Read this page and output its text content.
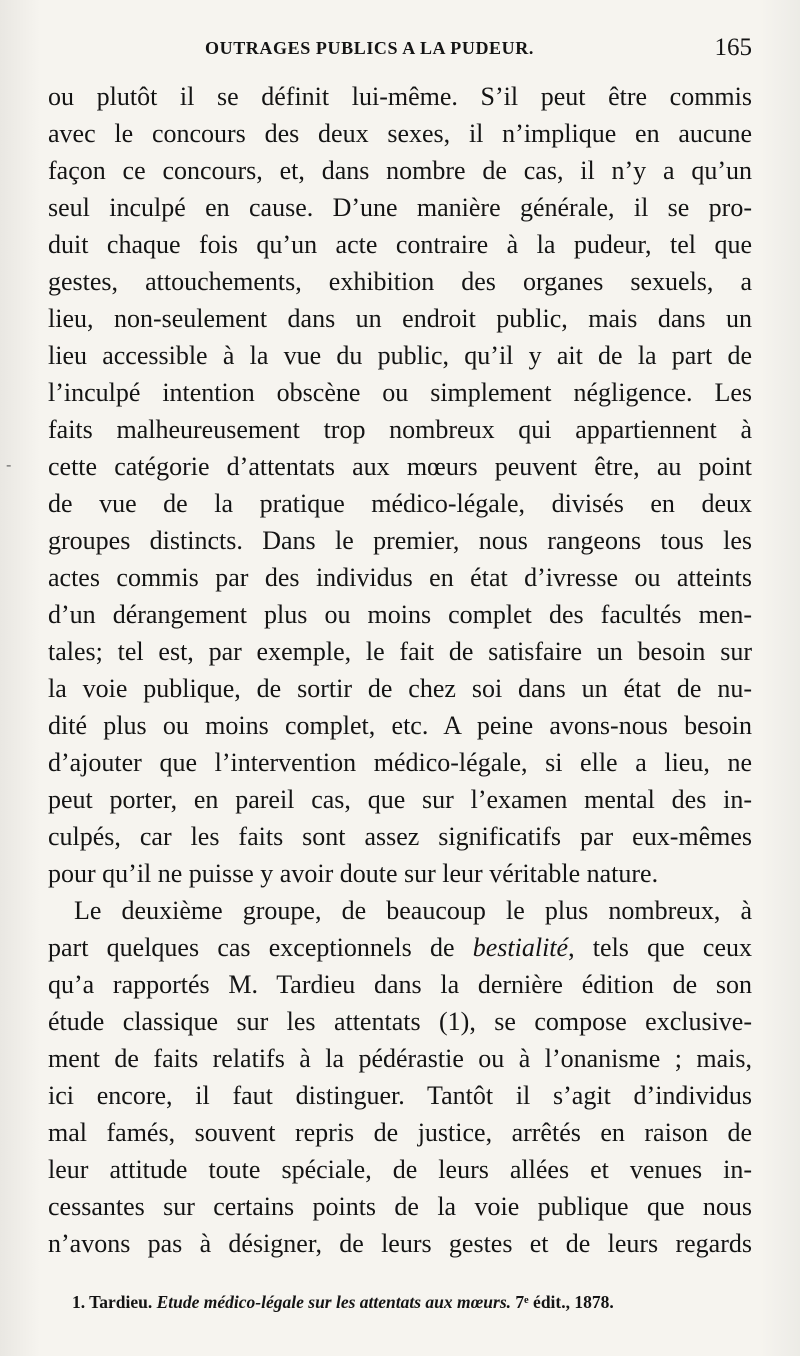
OUTRAGES PUBLICS A LA PUDEUR.	165
-
ou plutôt il se définit lui-même. S’il peut être commis
avec le concours des deux sexes, il n’implique en aucune
façon ce concours, et, dans nombre de cas, il n’y a qu’un
seul inculpé en cause. D’une manière générale, il se pro-
duit chaque fois qu’un acte contraire à la pudeur, tel que
gestes, attouchements, exhibition des organes sexuels, a
lieu, non-seulement dans un endroit public, mais dans un
lieu accessible à la vue du public, qu’il y ait de la part de
l’inculpé intention obscène ou simplement négligence. Les
faits malheureusement trop nombreux qui appartiennent à
cette catégorie d’attentats aux mœurs peuvent être, au point
de vue de la pratique médico-légale, divisés en deux
groupes distincts. Dans le premier, nous rangeons tous les
actes commis par des individus en état d’ivresse ou atteints
d’un dérangement plus ou moins complet des facultés men-
tales; tel est, par exemple, le fait de satisfaire un besoin sur
la voie publique, de sortir de chez soi dans un état de nu-
dité plus ou moins complet, etc. A peine avons-nous besoin
d’ajouter que l’intervention médico-légale, si elle a lieu, ne
peut porter, en pareil cas, que sur l’examen mental des in-
culpés, car les faits sont assez significatifs par eux-mêmes
pour qu’il ne puisse y avoir doute sur leur véritable nature.
Le deuxième groupe, de beaucoup le plus nombreux, à
part quelques cas exceptionnels de bestialité, tels que ceux
qu’a rapportés M. Tardieu dans la dernière édition de son
étude classique sur les attentats (1), se compose exclusive-
ment de faits relatifs à la pédérastie ou à l’onanisme ; mais,
ici encore, il faut distinguer. Tantôt il s’agit d’individus
mal famés, souvent repris de justice, arrêtés en raison de
leur attitude toute spéciale, de leurs allées et venues in-
cessantes sur certains points de la voie publique que nous
n’avons pas à désigner, de leurs gestes et de leurs regards
1. Tardieu. Etude médico-légale sur les attentats aux mœurs. 7ᵉ édit., 1878.
